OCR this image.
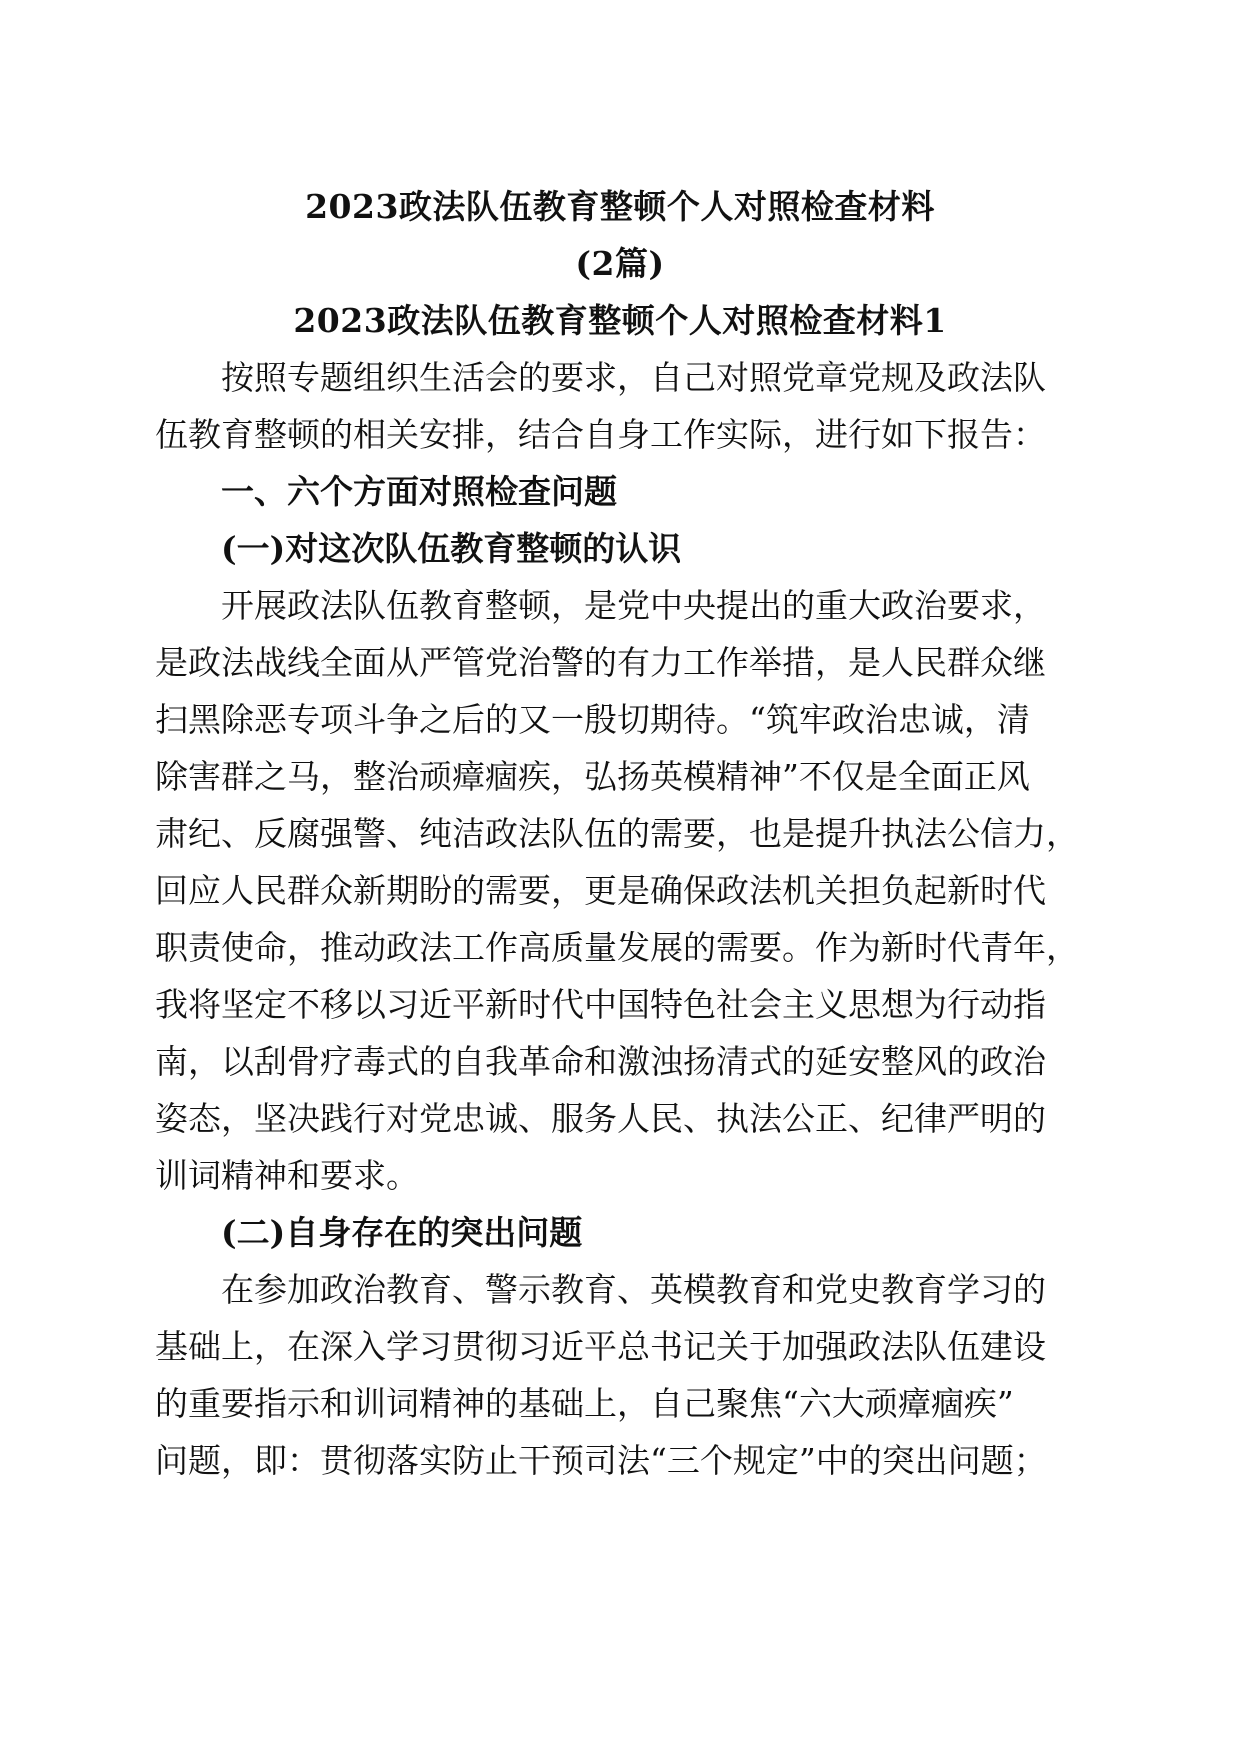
2023政法队伍教育整顿个人对照检查材料
(2篇)
2023政法队伍教育整顿个人对照检查材料1

按照专题组织生活会的要求，自己对照党章党规及政法队
伍教育整顿的相关安排，结合自身工作实际，进行如下报告：

一、六个方面对照检查问题
(一)对这次队伍教育整顿的认识

开展政法队伍教育整顿，是党中央提出的重大政治要求，
是政法战线全面从严管党治警的有力工作举措，是人民群众继
扫黑除恶专项斗争之后的又一殷切期待。“筑牢政治忠诚，清
除害群之马，整治顽瘴痼疾，弘扬英模精神”不仅是全面正风
肃纪、反腐强警、纯洁政法队伍的需要，也是提升执法公信力，
回应人民群众新期盼的需要，更是确保政法机关担负起新时代
职责使命，推动政法工作高质量发展的需要。作为新时代青年，
我将坚定不移以习近平新时代中国特色社会主义思想为行动指
南，以刮骨疗毒式的自我革命和激浊扬清式的延安整风的政治
姿态，坚决践行对党忠诚、服务人民、执法公正、纪律严明的
训词精神和要求。

(二)自身存在的突出问题

在参加政治教育、警示教育、英模教育和党史教育学习的
基础上，在深入学习贯彻习近平总书记关于加强政法队伍建设
的重要指示和训词精神的基础上，自己聚焦“六大顽瘴痼疾”
问题，即：贯彻落实防止干预司法“三个规定”中的突出问题；
